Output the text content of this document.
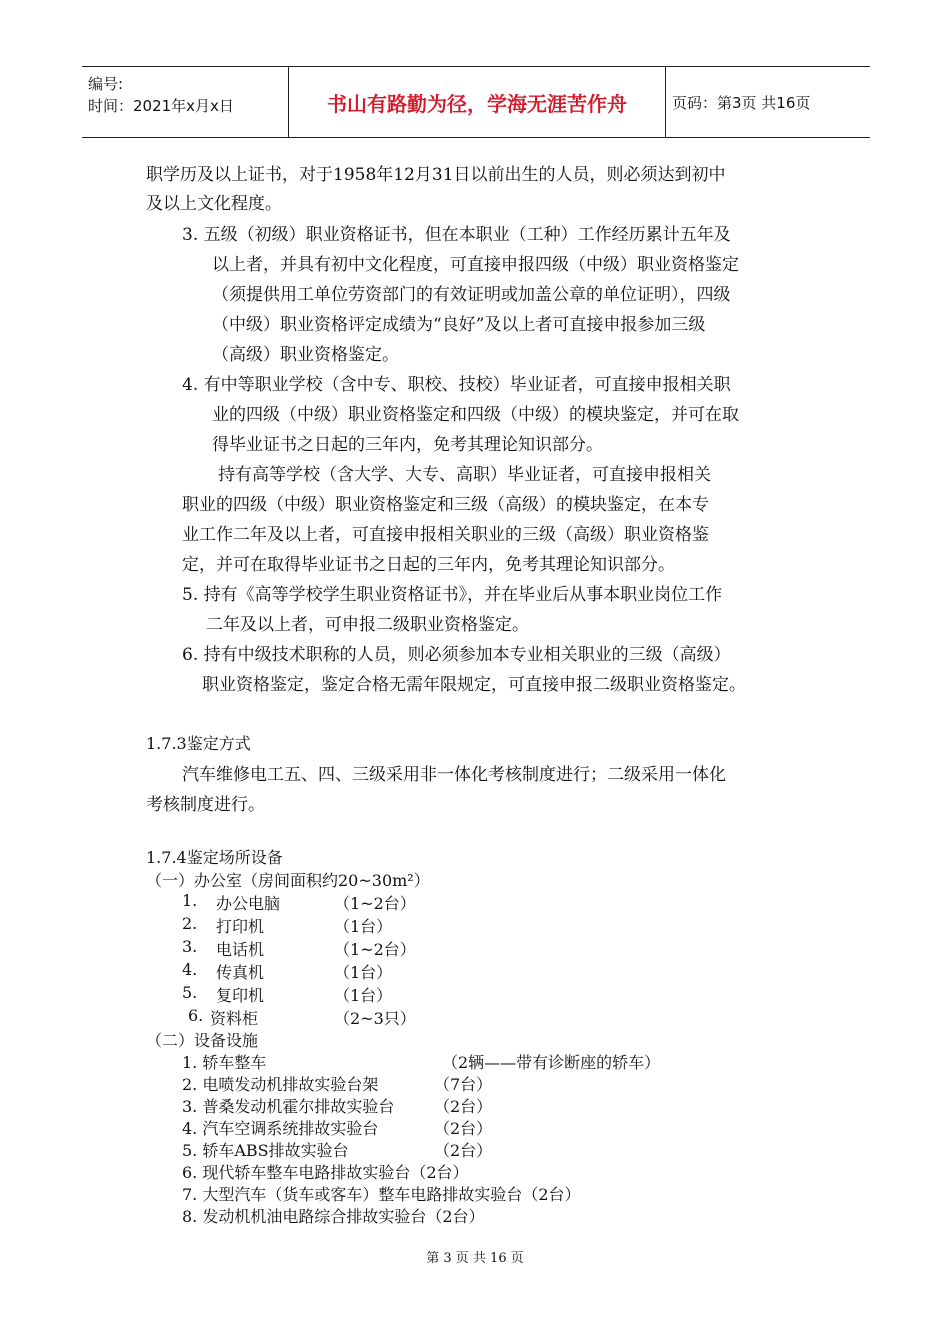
编号:
时间：2021年x月x日	书山有路勤为径，学海无涯苦作舟	页码：第3页 共16页
职学历及以上证书，对于1958年12月31日以前出生的人员，则必须达到初中
及以上文化程度。
3. 五级（初级）职业资格证书，但在本职业（工种）工作经历累计五年及
以上者，并具有初中文化程度，可直接申报四级（中级）职业资格鉴定
（须提供用工单位劳资部门的有效证明或加盖公章的单位证明），四级
（中级）职业资格评定成绩为“良好”及以上者可直接申报参加三级
（高级）职业资格鉴定。
4. 有中等职业学校（含中专、职校、技校）毕业证者，可直接申报相关职
业的四级（中级）职业资格鉴定和四级（中级）的模块鉴定，并可在取
得毕业证书之日起的三年内，免考其理论知识部分。
持有高等学校（含大学、大专、高职）毕业证者，可直接申报相关
职业的四级（中级）职业资格鉴定和三级（高级）的模块鉴定，在本专
业工作二年及以上者，可直接申报相关职业的三级（高级）职业资格鉴
定，并可在取得毕业证书之日起的三年内，免考其理论知识部分。
5. 持有《高等学校学生职业资格证书》，并在毕业后从事本职业岗位工作
二年及以上者，可申报二级职业资格鉴定。
6. 持有中级技术职称的人员，则必须参加本专业相关职业的三级（高级）
职业资格鉴定，鉴定合格无需年限规定，可直接申报二级职业资格鉴定。
1.7.3鉴定方式
汽车维修电工五、四、三级采用非一体化考核制度进行；二级采用一体化
考核制度进行。
1.7.4鉴定场所设备
（一）办公室（房间面积约20~30m²）
1. 办公电脑	（1~2台）
2. 打印机	（1台）
3. 电话机	（1~2台）
4. 传真机	（1台）
5. 复印机	（1台）
6. 资料柜	（2~3只）
（二）设备设施
1. 轿车整车	（2辆——带有诊断座的轿车）
2. 电喷发动机排故实验台架	（7台）
3. 普桑发动机霍尔排故实验台 （2台）
4. 汽车空调系统排故实验台	（2台）
5. 轿车ABS排故实验台	（2台）
6. 现代轿车整车电路排故实验台（2台）
7. 大型汽车（货车或客车）整车电路排故实验台（2台）
8. 发动机机油电路综合排故实验台（2台）
第 3 页 共 16 页
